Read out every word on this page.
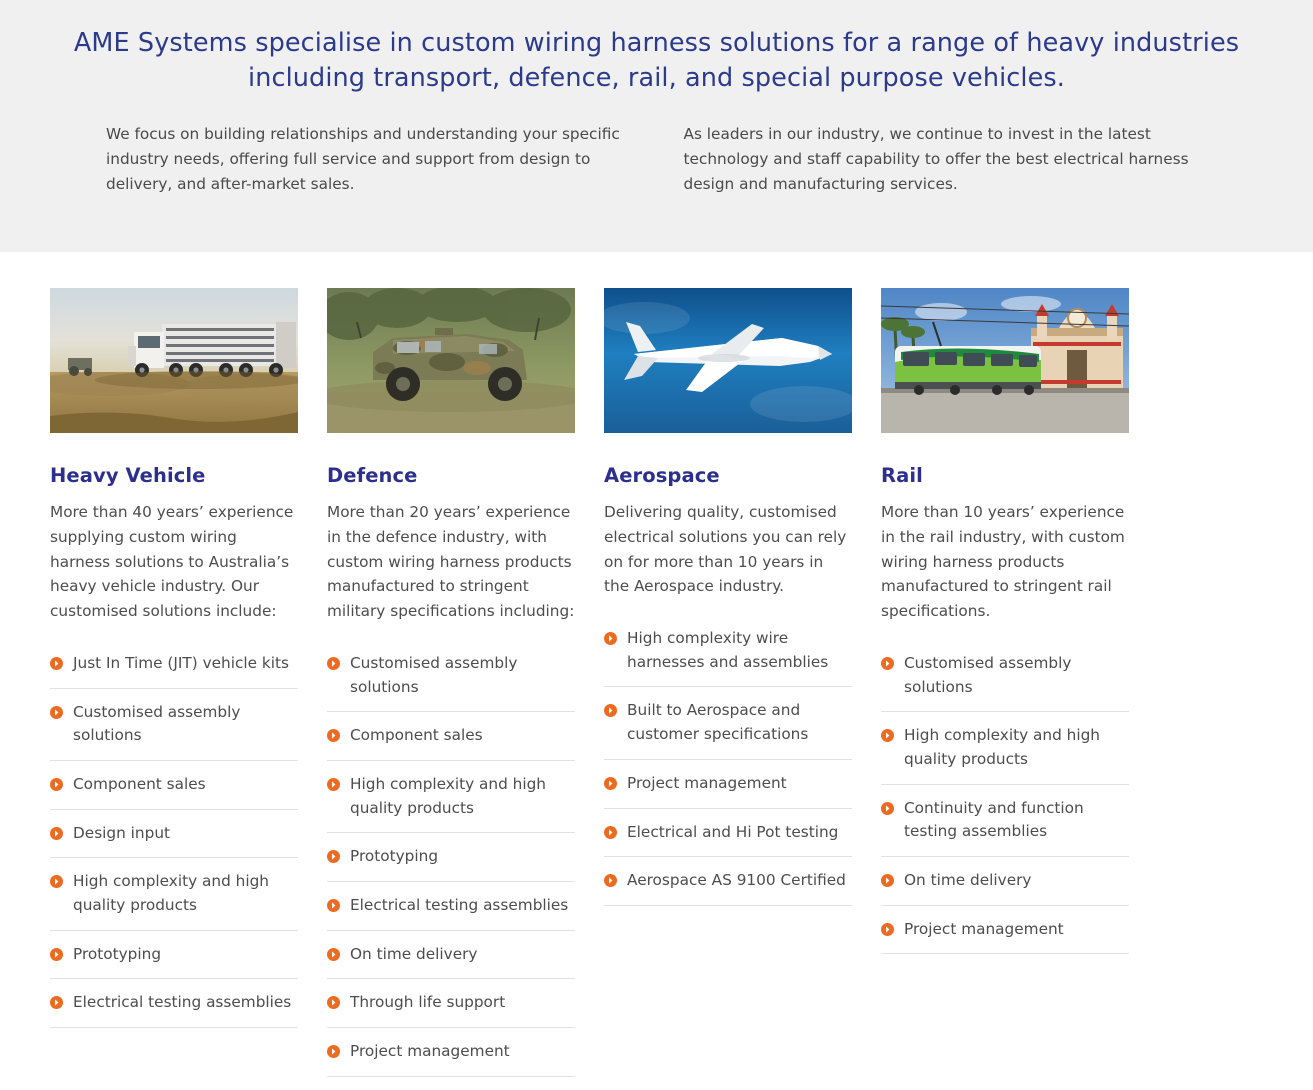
AME Systems specialise in custom wiring harness solutions for a range of heavy industries including transport, defence, rail, and special purpose vehicles.
We focus on building relationships and understanding your specific industry needs, offering full service and support from design to delivery, and after-market sales.
As leaders in our industry, we continue to invest in the latest technology and staff capability to offer the best electrical harness design and manufacturing services.
Heavy Vehicle

More than 40 years’ experience supplying custom wiring harness solutions to Australia’s heavy vehicle industry. Our customised solutions include:

Just In Time (JIT) vehicle kits
Customised assembly solutions
Component sales
Design input
High complexity and high quality products
Prototyping
Electrical testing assemblies
Defence

More than 20 years’ experience in the defence industry, with custom wiring harness products manufactured to stringent military specifications including:

Customised assembly solutions
Component sales
High complexity and high quality products
Prototyping
Electrical testing assemblies
On time delivery
Through life support
Project management
Aerospace

Delivering quality, customised electrical solutions you can rely on for more than 10 years in the Aerospace industry.

High complexity wire harnesses and assemblies
Built to Aerospace and customer specifications
Project management
Electrical and Hi Pot testing
Aerospace AS 9100 Certified
Rail

More than 10 years’ experience in the rail industry, with custom wiring harness products manufactured to stringent rail specifications.

Customised assembly solutions
High complexity and high quality products
Continuity and function testing assemblies
On time delivery
Project management
